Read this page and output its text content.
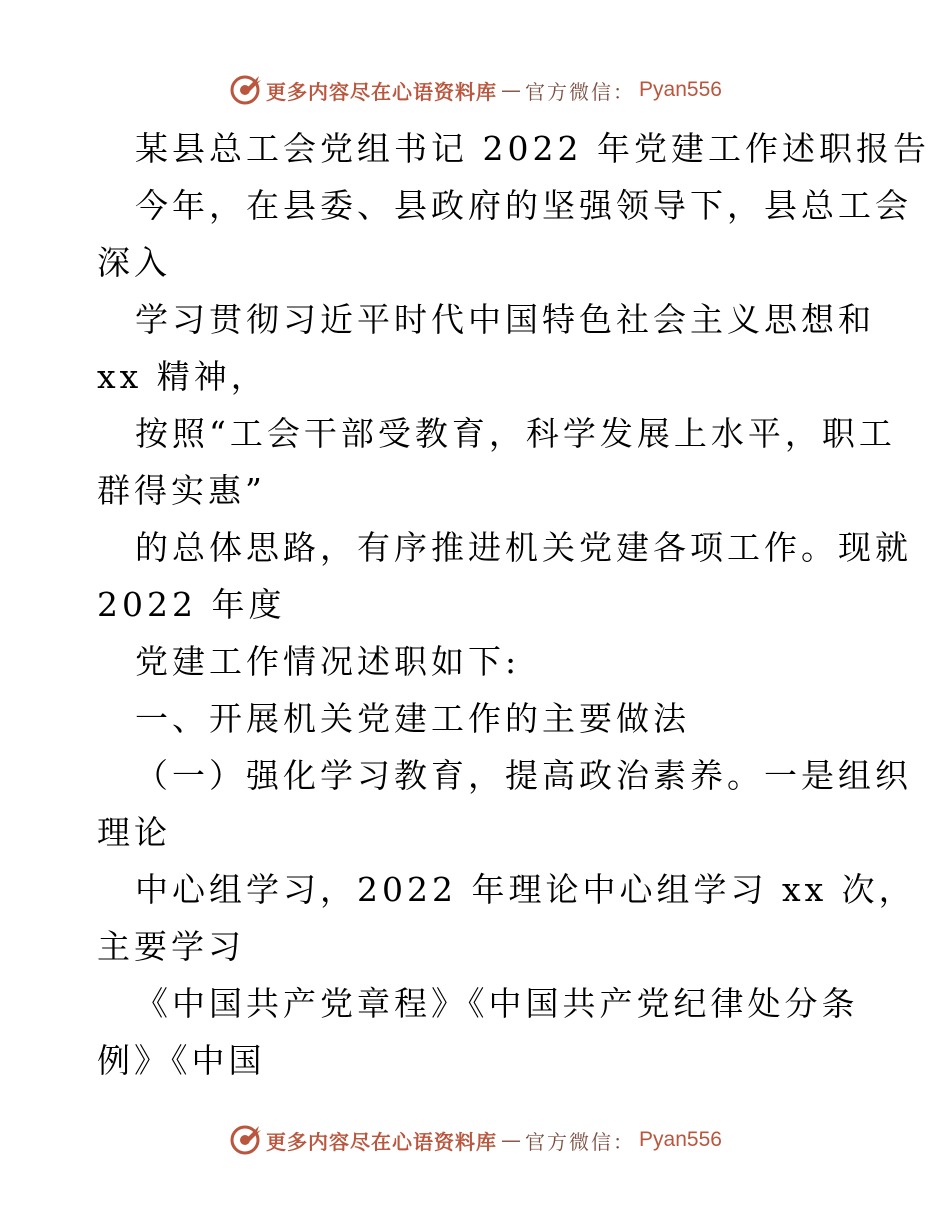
更多内容尽在心语资料库 — 官方微信： Pyan556
某县总工会党组书记 2022 年党建工作述职报告
今年，在县委、县政府的坚强领导下，县总工会
深入
学习贯彻习近平时代中国特色社会主义思想和
xx 精神，
按照“工会干部受教育，科学发展上水平，职工
群得实惠”
的总体思路，有序推进机关党建各项工作。现就
2022 年度
党建工作情况述职如下:
一、开展机关党建工作的主要做法
（一）强化学习教育，提高政治素养。一是组织
理论
中心组学习，2022 年理论中心组学习 xx 次，
主要学习
《中国共产党章程》《中国共产党纪律处分条
例》《中国
更多内容尽在心语资料库 — 官方微信： Pyan556
